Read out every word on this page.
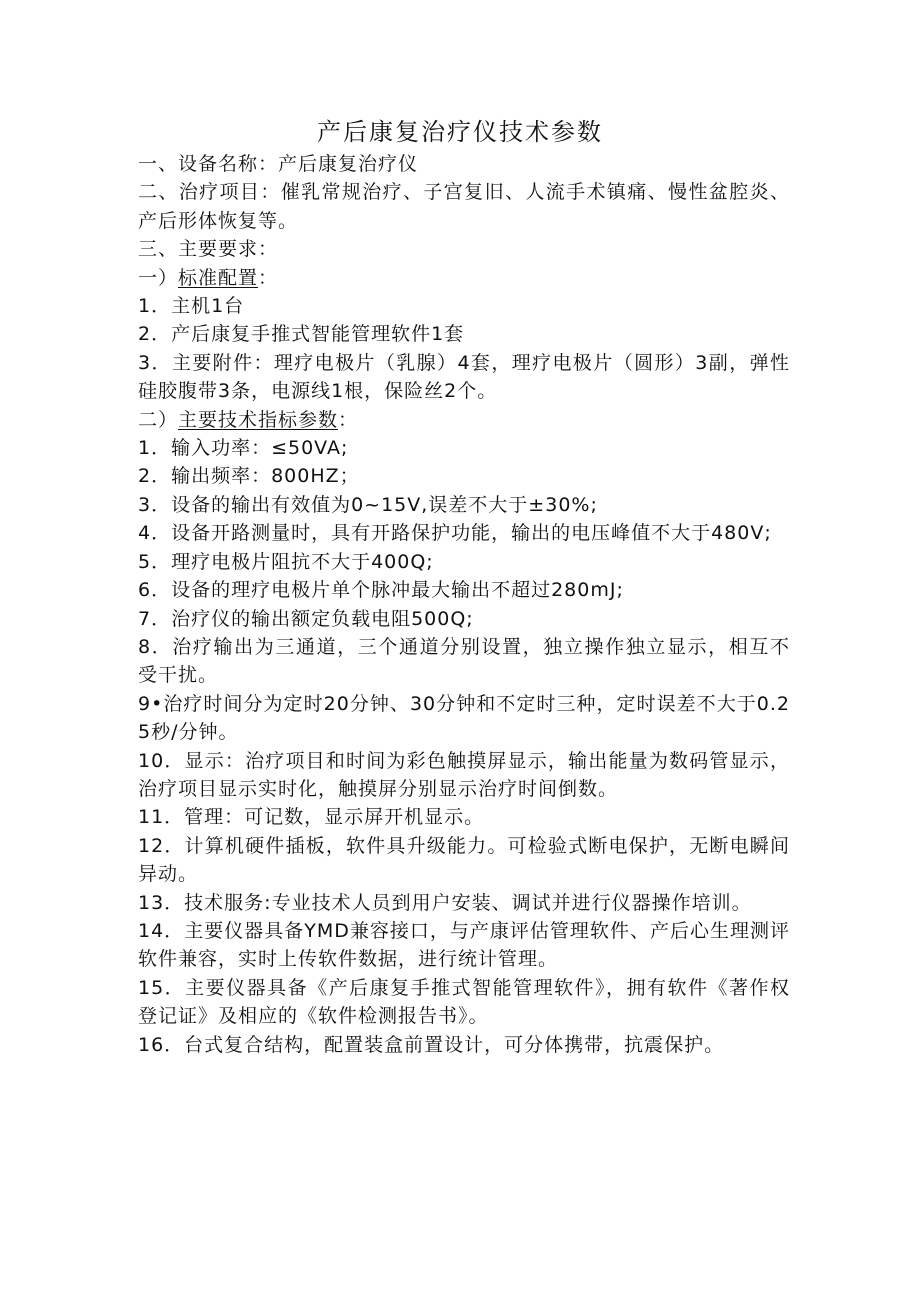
产后康复治疗仪技术参数

一、设备名称：产后康复治疗仪

二、治疗项目：催乳常规治疗、子宫复旧、人流手术镇痛、慢性盆腔炎、产后形体恢复等。

三、主要要求：

一）标准配置：

1．主机1台

2．产后康复手推式智能管理软件1套

3．主要附件：理疗电极片（乳腺）4套，理疗电极片（圆形）3副，弹性硅胶腹带3条，电源线1根，保险丝2个。

二）主要技术指标参数：

1．输入功率：≤50VA;

2．输出频率：800HZ；

3．设备的输出有效值为0~15V,误差不大于±30%;

4．设备开路测量时，具有开路保护功能，输出的电压峰值不大于480V;

5．理疗电极片阻抗不大于400Q;

6．设备的理疗电极片单个脉冲最大输出不超过280mJ;

7．治疗仪的输出额定负载电阻500Q;

8．治疗输出为三通道，三个通道分别设置，独立操作独立显示，相互不受干扰。

9•治疗时间分为定时20分钟、30分钟和不定时三种，定时误差不大于0.25秒/分钟。

10．显示：治疗项目和时间为彩色触摸屏显示，输出能量为数码管显示，治疗项目显示实时化，触摸屏分别显示治疗时间倒数。

11．管理：可记数，显示屏开机显示。

12．计算机硬件插板，软件具升级能力。可检验式断电保护，无断电瞬间异动。

13．技术服务:专业技术人员到用户安装、调试并进行仪器操作培训。

14．主要仪器具备YMD兼容接口，与产康评估管理软件、产后心生理测评软件兼容，实时上传软件数据，进行统计管理。

15．主要仪器具备《产后康复手推式智能管理软件》，拥有软件《著作权登记证》及相应的《软件检测报告书》。

16．台式复合结构，配置装盒前置设计，可分体携带，抗震保护。
